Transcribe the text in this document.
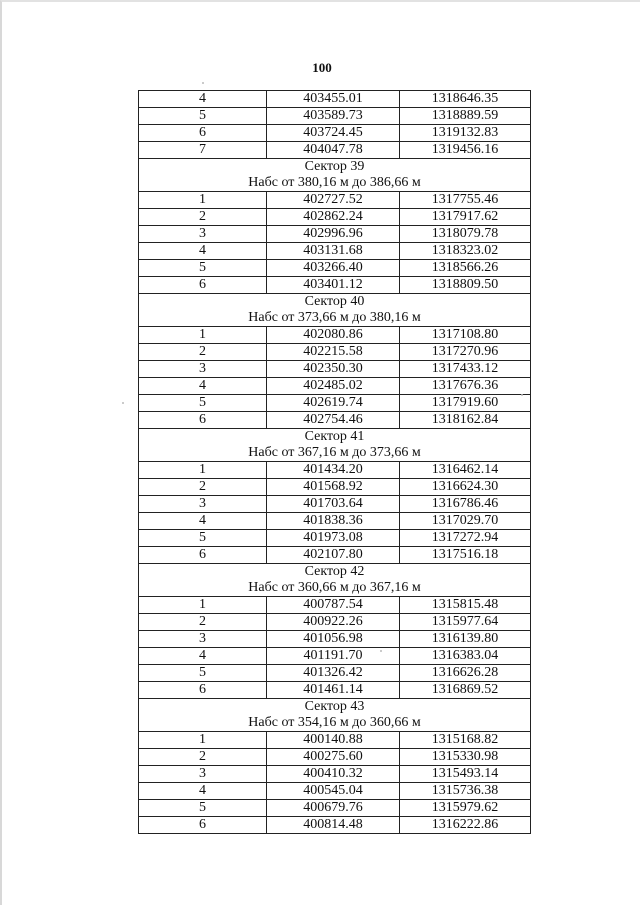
100
4	403455.01	1318646.35
5	403589.73	1318889.59
6	403724.45	1319132.83
7	404047.78	1319456.16
Сектор 39		
Набс от 380,16 м до 386,66 м		
1	402727.52	1317755.46
2	402862.24	1317917.62
3	402996.96	1318079.78
4	403131.68	1318323.02
5	403266.40	1318566.26
6	403401.12	1318809.50
Сектор 40		
Набс от 373,66 м до 380,16 м		
1	402080.86	1317108.80
2	402215.58	1317270.96
3	402350.30	1317433.12
4	402485.02	1317676.36
5	402619.74	1317919.60
6	402754.46	1318162.84
Сектор 41		
Набс от 367,16 м до 373,66 м		
1	401434.20	1316462.14
2	401568.92	1316624.30
3	401703.64	1316786.46
4	401838.36	1317029.70
5	401973.08	1317272.94
6	402107.80	1317516.18
Сектор 42		
Набс от 360,66 м до 367,16 м		
1	400787.54	1315815.48
2	400922.26	1315977.64
3	401056.98	1316139.80
4	401191.70	1316383.04
5	401326.42	1316626.28
6	401461.14	1316869.52
Сектор 43		
Набс от 354,16 м до 360,66 м		
1	400140.88	1315168.82
2	400275.60	1315330.98
3	400410.32	1315493.14
4	400545.04	1315736.38
5	400679.76	1315979.62
6	400814.48	1316222.86
